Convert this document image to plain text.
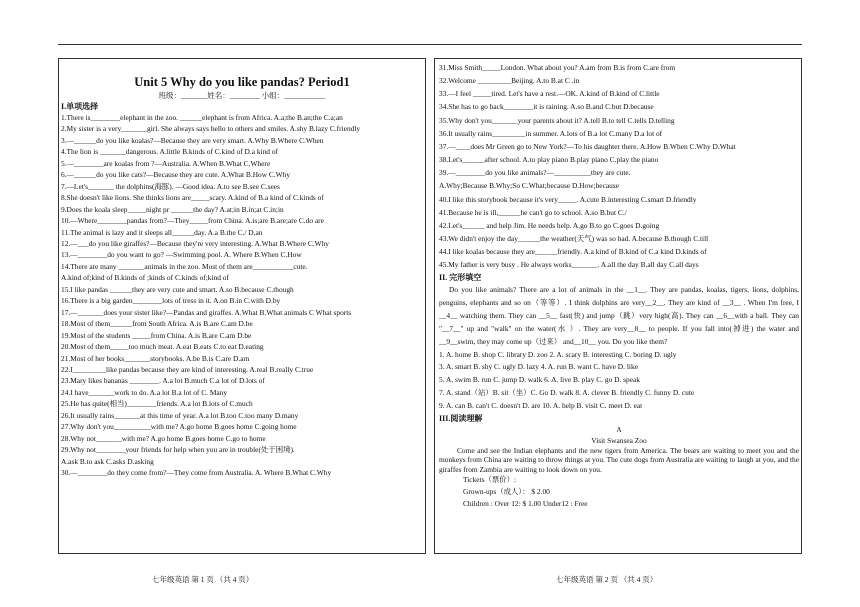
Unit 5 Why do you like pandas? Period1
班级：_______姓名：________ 小组：___________
I.单项选择
1.There is________elephant in the zoo. ______elephant is from Africa. A.a;the B.an;the C.a;an
2.My sister is a very_______girl. She always says hello to others and smiles. A.shy B.lazy C.friendly
3.—______do you like koalas?—Because they are very smart. A.Why B.Where C.When
4.The lion is _______dangerous. A.little B.kinds of C.kind of D.a kind of
5.—________are koalas from ?—Australia. A.When B.What C.Where
6.—______do you like cats?—Because they are cute. A.What B.How C.Why
7.—Let's_______ the dolphins(海豚). —Good idea. A.to see B.see C.sees
8.She doesn't like lions. She thinks lions are_____scary. A.kind of B.a kind of C.kinds of
9.Does the koala sleep_____night pr ______the day? A.at;in B.in;at C.in;in
10.—Where________pandas from?—They_____from China. A.is;are B.are;are C.do are
11.The animal is lazy and it sleeps all______day. A.a B.the C./ D,an
12.—___do you like giraffes?—Because they're very interesting. A.What B.Where C.Why
13.—________do you want to go? —Swimming pool. A. Where B.When C.How
14.There are many _______animals in the zoo. Most of them are___________cute.
A.kind of;kind of B.kinds of ;kinds of C.kinds of;kind of
15.I like pandas ______they are very cute and smart. A.so B.because C.though
16.There is a big garden________lots of tress in it. A.on B.in C.with D.by
17.—_______does your sister like?—Pandas and giraffes. A.What B.What animals C What sports
18.Most of them______from South Africa. A.is B.are C.am D.be
19.Most of the students _____from China. A.is B.are C.am D.be
20.Most of them_____too much meat. A.eat B.eats C.to eat D.eating
21.Most of her books_______storybooks. A.be B.is C.are D.am
22.I_________like pandas because they are kind of interesting. A.real B.really C.true
23.Mary likes bananas ________. A.a lot B.much C.a lot of D.lots of
24.I have_______work to do. A.a lot B.a lot of C. Many
25.He has quite(相当)________friends. A.a lot B.lots of C.much
26.It usually rains_______at this time of year. A.a lot B.too C.too many D.many
27.Why don't you__________with me? A.go home B.goes home C.going home
28.Why not_______with me? A.go home B.goes home C.go to home
29.Why not________your friends for help when you are in trouble(处于困境).
A.ask B.to ask C.asks D.asking
30.—________do they come from?—They come from Australia. A. Where B.What C.Why
31.Miss Smith_____London. What about you? A.am from B.is from C.are from
32.Welcome _________Beijing. A.to B.at C .in
33.—I feel _____tired. Let's have a rest.—OK. A.kind of B.kind of C.little
34.She has to go back________it is raining. A.so B.and C.but D.because
35.Why don't you_______your parents about it? A.tell B.to tell C.tells D.telling
36.It usually rains_________in summer. A.lots of B.a lot C.many D.a lot of
37.—____does Mr Green go to New York?—To his daughter there. A.How B.When C.Why D.What
38.Let's______after school. A.to play piano B.play piano C.play the piano
39.—________do you like animals?—__________they are cute.
A.Why;Because B.Why;So C.What;because D.How;because
40.I like this storybook because it's very_____. A.cute B.interesting C.smart D.friendly
41.Because he is ill,______he can't go to school. A.so B.but C./
42.Let's______ and help Jim. He needs help. A.go B.to go C.goes D.going
43.We didn't enjoy the day______the weather(天气) was so bad. A.because B.though C.till
44.I like koalas because they are______friendly. A.a kind of B.kind of C.a kind D.kinds of
45.My father is very busy . He always works_______. A.all the day B.all day C.all days
II. 完形填空
Do you like animals? There are a lot of animals in the __1__. They are pandas, koalas, tigers, lions, dolphins, penguins, elephants and so on（等等）. I think dolphins are very__2__. They are kind of __3__ . When I'm free, I __4__ watching them. They can __5__ fast(快) and jump（跳）very high(高). They can __6__with a ball. They can "__7__" up and "walk" on the water(水 ）. They are very__8__ to people. If you fall into(掉进) the water and __9__swim, they may come up（过来） and__10__ you. Do you like them?
1. A. home B. shop C. library D. zoo 2. A. scary B. interesting C. boring D. ugly
3. A. smart B. shy C. ugly D. lazy 4. A. run B. want C. have D. like
5. A. swim B. run C. jump D. walk 6. A. live B. play C. go D. speak
7. A. stand（站）B. sit（坐）C. Go D. walk 8. A. clever B. friendly C. funny D. cute
9. A. can B. can't C. doesn't D. are 10. A. help B. visit C. meet D. eat
III.阅读理解
A
Visit Swansea Zoo
Come and see the Indian elephants and the new tigers from America. The bears are waiting to meet you and the monkeys from China are waiting to throw things at you. The cute dogs from Australia are waiting to laugh at you, and the giraffes from Zambia are waiting to look down on you.
Tickets（票价）:
Grown-ups（成人）： $ 2.00
Children : Over 12: $ 1.00 Under12 : Free
七年级英语 第 1 页 （共 4 页）	七年级英语 第 2 页 （共 4 页）
